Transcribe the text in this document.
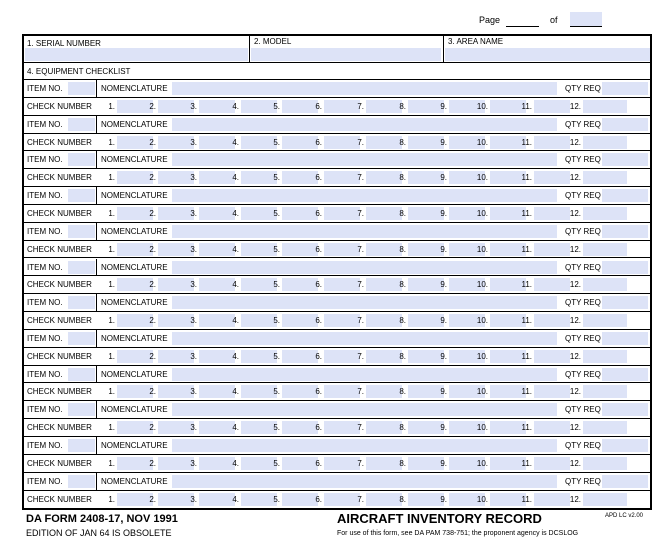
Page	of
1. SERIAL NUMBER	2. MODEL	3. AREA NAME
4. EQUIPMENT CHECKLIST
ITEM NO.	NOMENCLATURE	QTY REQ
CHECK NUMBER	1.	2.	3.	4.	5.	6.	7.	8.	9.	10.	11.	12.
ITEM NO.	NOMENCLATURE	QTY REQ
CHECK NUMBER	1.	2.	3.	4.	5.	6.	7.	8.	9.	10.	11.	12.
ITEM NO.	NOMENCLATURE	QTY REQ
CHECK NUMBER	1.	2.	3.	4.	5.	6.	7.	8.	9.	10.	11.	12.
ITEM NO.	NOMENCLATURE	QTY REQ
CHECK NUMBER	1.	2.	3.	4.	5.	6.	7.	8.	9.	10.	11.	12.
ITEM NO.	NOMENCLATURE	QTY REQ
CHECK NUMBER	1.	2.	3.	4.	5.	6.	7.	8.	9.	10.	11.	12.
ITEM NO.	NOMENCLATURE	QTY REQ
CHECK NUMBER	1.	2.	3.	4.	5.	6.	7.	8.	9.	10.	11.	12.
ITEM NO.	NOMENCLATURE	QTY REQ
CHECK NUMBER	1.	2.	3.	4.	5.	6.	7.	8.	9.	10.	11.	12.
ITEM NO.	NOMENCLATURE	QTY REQ
CHECK NUMBER	1.	2.	3.	4.	5.	6.	7.	8.	9.	10.	11.	12.
ITEM NO.	NOMENCLATURE	QTY REQ
CHECK NUMBER	1.	2.	3.	4.	5.	6.	7.	8.	9.	10.	11.	12.
ITEM NO.	NOMENCLATURE	QTY REQ
CHECK NUMBER	1.	2.	3.	4.	5.	6.	7.	8.	9.	10.	11.	12.
ITEM NO.	NOMENCLATURE	QTY REQ
CHECK NUMBER	1.	2.	3.	4.	5.	6.	7.	8.	9.	10.	11.	12.
ITEM NO.	NOMENCLATURE	QTY REQ
CHECK NUMBER	1.	2.	3.	4.	5.	6.	7.	8.	9.	10.	11.	12.
DA FORM 2408-17, NOV 1991
EDITION OF JAN 64 IS OBSOLETE
AIRCRAFT INVENTORY RECORD	APD LC v2.00
For use of this form, see DA PAM 738-751; the proponent agency is DCSLOG
